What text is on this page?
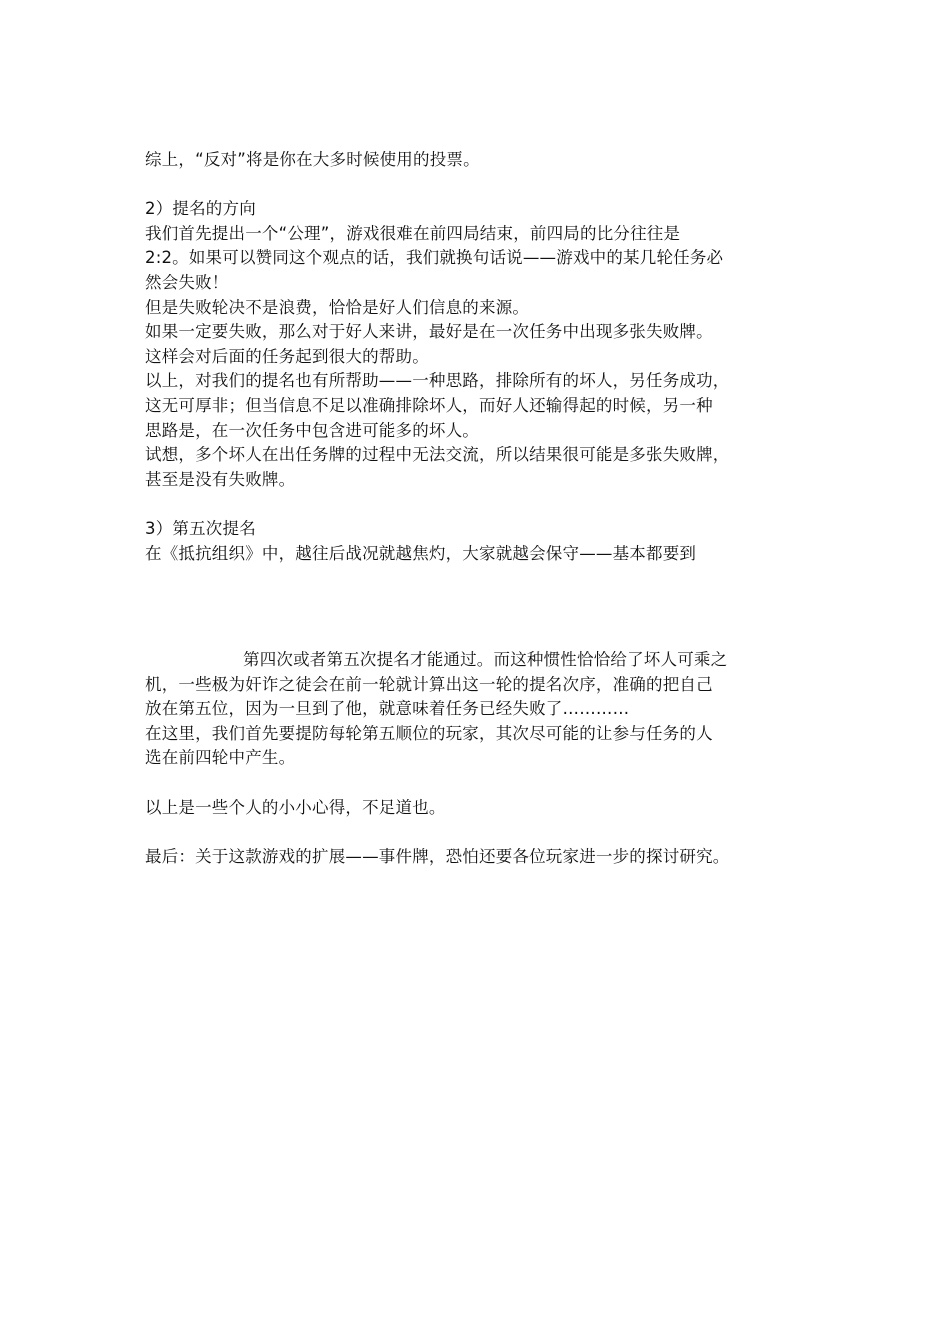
综上，“反对”将是你在大多时候使用的投票。
2）提名的方向
我们首先提出一个“公理”，游戏很难在前四局结束，前四局的比分往往是
2:2。如果可以赞同这个观点的话，我们就换句话说——游戏中的某几轮任务必
然会失败！
但是失败轮决不是浪费，恰恰是好人们信息的来源。
如果一定要失败，那么对于好人来讲，最好是在一次任务中出现多张失败牌。
这样会对后面的任务起到很大的帮助。
以上，对我们的提名也有所帮助——一种思路，排除所有的坏人，另任务成功，
这无可厚非；但当信息不足以准确排除坏人，而好人还输得起的时候，另一种
思路是，在一次任务中包含进可能多的坏人。
试想，多个坏人在出任务牌的过程中无法交流，所以结果很可能是多张失败牌，
甚至是没有失败牌。
3）第五次提名
在《抵抗组织》中，越往后战况就越焦灼，大家就越会保守——基本都要到
第四次或者第五次提名才能通过。而这种惯性恰恰给了坏人可乘之
机，一些极为奸诈之徒会在前一轮就计算出这一轮的提名次序，准确的把自己
放在第五位，因为一旦到了他，就意味着任务已经失败了…………
在这里，我们首先要提防每轮第五顺位的玩家，其次尽可能的让参与任务的人
选在前四轮中产生。
以上是一些个人的小小心得，不足道也。
最后：关于这款游戏的扩展——事件牌，恐怕还要各位玩家进一步的探讨研究。
